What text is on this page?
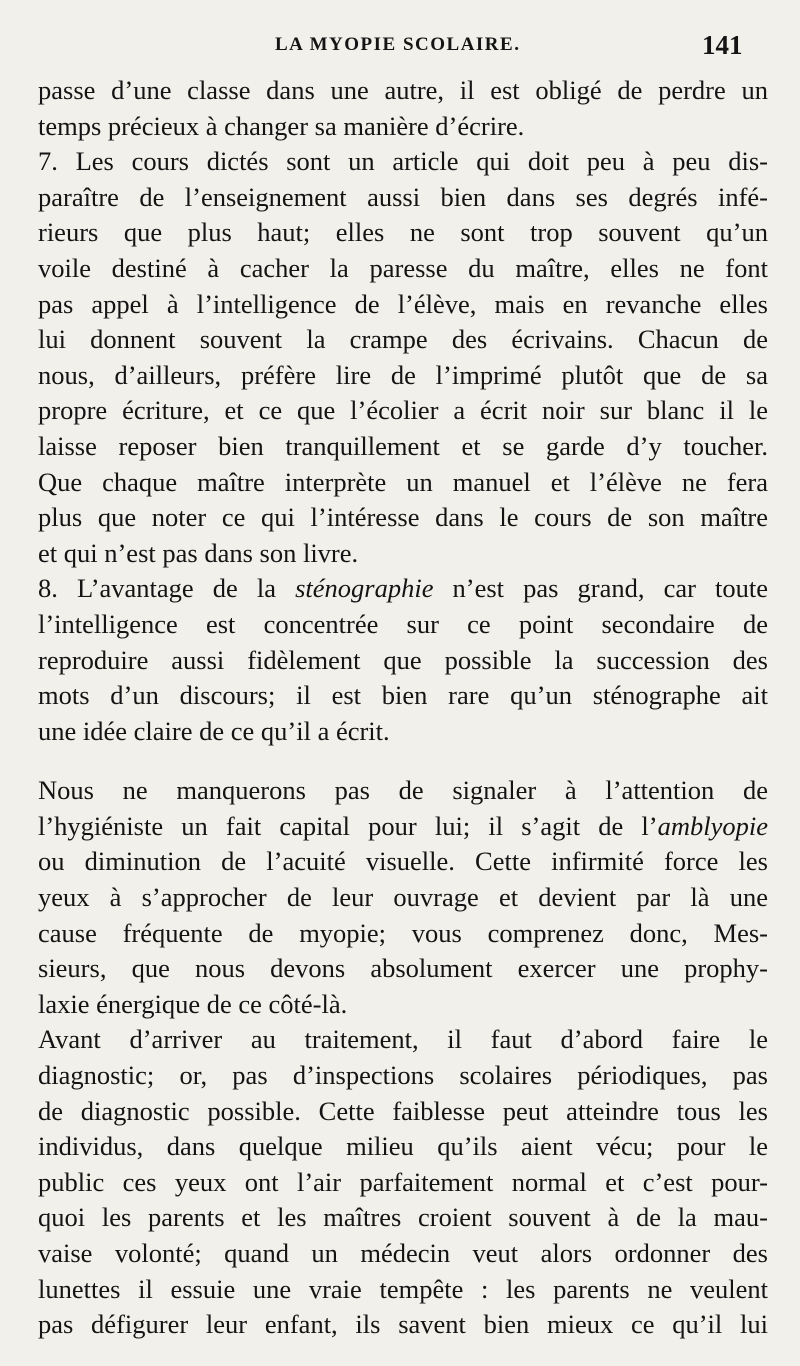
LA MYOPIE SCOLAIRE.	141

passe d’une classe dans une autre, il est obligé de perdre un
temps précieux à changer sa manière d’écrire.

7. Les cours dictés sont un article qui doit peu à peu dis-
paraître de l’enseignement aussi bien dans ses degrés infé-
rieurs que plus haut; elles ne sont trop souvent qu’un
voile destiné à cacher la paresse du maître, elles ne font
pas appel à l’intelligence de l’élève, mais en revanche elles
lui donnent souvent la crampe des écrivains. Chacun de
nous, d’ailleurs, préfère lire de l’imprimé plutôt que de sa
propre écriture, et ce que l’écolier a écrit noir sur blanc il le
laisse reposer bien tranquillement et se garde d’y toucher.
Que chaque maître interprète un manuel et l’élève ne fera
plus que noter ce qui l’intéresse dans le cours de son maître
et qui n’est pas dans son livre.

8. L’avantage de la sténographie n’est pas grand, car toute
l’intelligence est concentrée sur ce point secondaire de
reproduire aussi fidèlement que possible la succession des
mots d’un discours; il est bien rare qu’un sténographe ait
une idée claire de ce qu’il a écrit.

Nous ne manquerons pas de signaler à l’attention de
l’hygiéniste un fait capital pour lui; il s’agit de l’amblyopie
ou diminution de l’acuité visuelle. Cette infirmité force les
yeux à s’approcher de leur ouvrage et devient par là une
cause fréquente de myopie; vous comprenez donc, Mes-
sieurs, que nous devons absolument exercer une prophy-
laxie énergique de ce côté-là.

Avant d’arriver au traitement, il faut d’abord faire le
diagnostic; or, pas d’inspections scolaires périodiques, pas
de diagnostic possible. Cette faiblesse peut atteindre tous les
individus, dans quelque milieu qu’ils aient vécu; pour le
public ces yeux ont l’air parfaitement normal et c’est pour-
quoi les parents et les maîtres croient souvent à de la mau-
vaise volonté; quand un médecin veut alors ordonner des
lunettes il essuie une vraie tempête : les parents ne veulent
pas défigurer leur enfant, ils savent bien mieux ce qu’il lui
